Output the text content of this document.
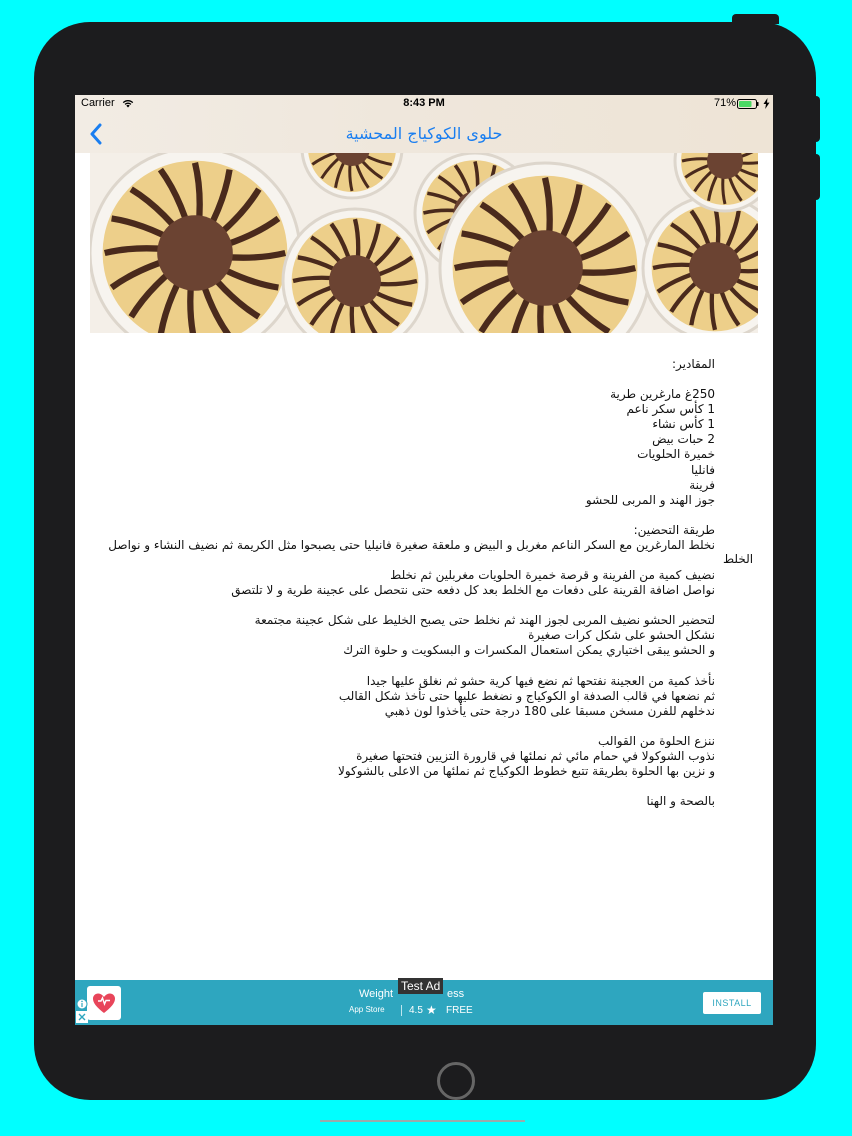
Carrier	8:43 PM	71%
حلوى الكوكياج المحشية

المقادير:

250غ مارغرين طرية

1 كأس سكر ناعم

1 كأس نشاء

2 حبات بيض

خميرة الحلويات

فانليا

فرينة

جوز الهند و المربى للحشو

طريقة التحضين:

نخلط المارغرين مع السكر الناعم مغربل و البيض و ملعقة صغيرة فانيليا حتى يصبحوا مثل الكريمة ثم نضيف النشاء و نواصل

نضيف كمية من الفرينة و قرصة خميرة الحلويات مغربلين ثم نخلط

نواصل اضافة القرينة على دفعات مع الخلط بعد كل دفعه حتى نتحصل على عجينة طرية و لا تلتصق

لتحضير الحشو نضيف المربى لجوز الهند ثم نخلط حتى يصبح الخليط على شكل عجينة مجتمعة

نشكل الحشو على شكل كرات صغيرة

و الحشو يبقى اختياري يمكن استعمال المكسرات و البسكويت و حلوة الترك

نأخذ كمية من العجينة نفتحها ثم نضع فيها كرية حشو ثم نغلق عليها جيدا

ثم نضعها في قالب الصدفة او الكوكياج و نضغط عليها حتى تأخذ شكل القالب

ندخلهم للفرن مسخن مسبقا على 180 درجة حتى يأخذوا لون ذهبي

ننزع الحلوة من القوالب

نذوب الشوكولا في حمام مائي ثم نملئها في قارورة التزيين فتحتها صغيرة

و نزين بها الحلوة بطريقة تتبع خطوط الكوكياج ثم نملئها من الاعلى بالشوكولا

بالصحة و الهنا

الخلط
Weight	ess
Test Ad
App Store 4.5 ★ FREE
INSTALL
